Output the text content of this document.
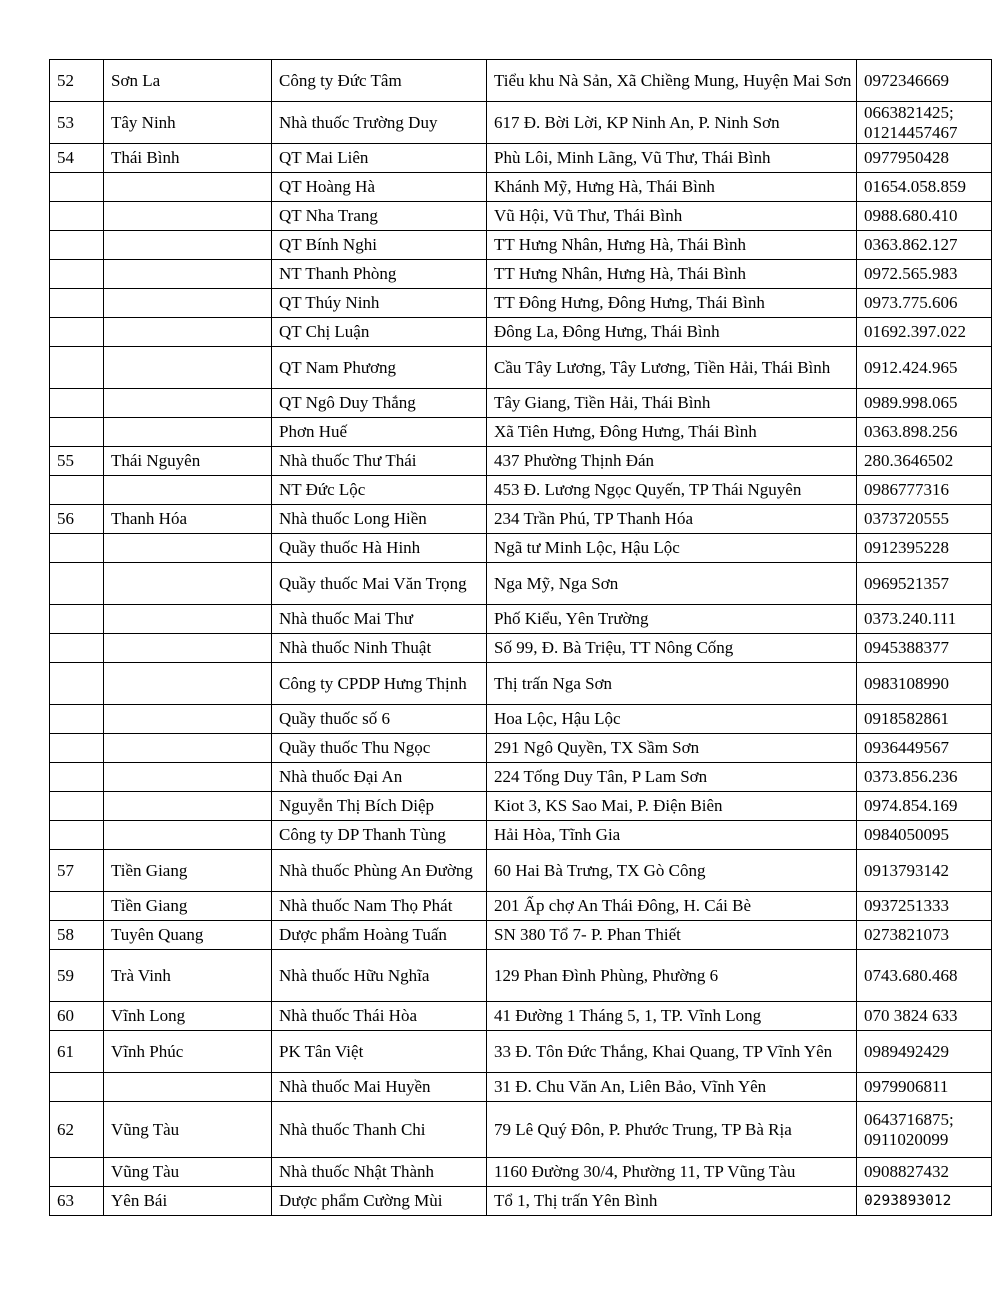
52	Sơn La	Công ty Đức Tâm	Tiểu khu Nà Sản, Xã Chiềng Mung, Huyện Mai Sơn	0972346669
53	Tây Ninh	Nhà thuốc Trường Duy	617 Đ. Bời Lời, KP Ninh An, P. Ninh Sơn	0663821425;
01214457467
54	Thái Bình	QT Mai Liên	Phù Lôi, Minh Lãng, Vũ Thư, Thái Bình	0977950428
		QT Hoàng Hà	Khánh Mỹ, Hưng Hà, Thái Bình	01654.058.859
		QT Nha Trang	Vũ Hội, Vũ Thư, Thái Bình	0988.680.410
		QT Bính Nghi	TT Hưng Nhân, Hưng Hà, Thái Bình	0363.862.127
		NT Thanh Phòng	TT Hưng Nhân, Hưng Hà, Thái Bình	0972.565.983
		QT Thúy Ninh	TT Đông Hưng, Đông Hưng, Thái Bình	0973.775.606
		QT Chị Luận	Đông La, Đông Hưng, Thái Bình	01692.397.022
		QT Nam Phương	Cầu Tây Lương, Tây Lương, Tiền Hải, Thái Bình	0912.424.965
		QT Ngô Duy Thắng	Tây Giang, Tiền Hải, Thái Bình	0989.998.065
		Phơn Huế	Xã Tiên Hưng, Đông Hưng, Thái Bình	0363.898.256
55	Thái Nguyên	Nhà thuốc Thư Thái	437 Phường Thịnh Đán	280.3646502
		NT Đức Lộc	453 Đ. Lương Ngọc Quyến, TP Thái Nguyên	0986777316
56	Thanh Hóa	Nhà thuốc Long Hiền	234 Trần Phú, TP Thanh Hóa	0373720555
		Quầy thuốc Hà Hinh	Ngã tư Minh Lộc, Hậu Lộc	0912395228
		Quầy thuốc Mai Văn Trọng	Nga Mỹ, Nga Sơn	0969521357
		Nhà thuốc Mai Thư	Phố Kiểu, Yên Trường	0373.240.111
		Nhà thuốc Ninh Thuật	Số 99, Đ. Bà Triệu, TT Nông Cống	0945388377
		Công ty CPDP Hưng Thịnh	Thị trấn Nga Sơn	0983108990
		Quầy thuốc số 6	Hoa Lộc, Hậu Lộc	0918582861
		Quầy thuốc Thu Ngọc	291 Ngô Quyền, TX Sầm Sơn	0936449567
		Nhà thuốc Đại An	224 Tống Duy Tân, P Lam Sơn	0373.856.236
		Nguyễn Thị Bích Diệp	Kiot 3, KS Sao Mai, P. Điện Biên	0974.854.169
		Công ty DP Thanh Tùng	Hải Hòa, Tĩnh Gia	0984050095
57	Tiền Giang	Nhà thuốc Phùng An Đường	60 Hai Bà Trưng, TX Gò Công	0913793142
	Tiền Giang	Nhà thuốc Nam Thọ Phát	201 Ấp chợ An Thái Đông, H. Cái Bè	0937251333
58	Tuyên Quang	Dược phẩm Hoàng Tuấn	SN 380 Tổ 7- P. Phan Thiết	0273821073
59	Trà Vinh	Nhà thuốc Hữu Nghĩa	129 Phan Đình Phùng, Phường 6	0743.680.468
60	Vĩnh Long	Nhà thuốc Thái Hòa	41 Đường 1 Tháng 5, 1, TP. Vĩnh Long	070 3824 633
61	Vĩnh Phúc	PK Tân Việt	33 Đ. Tôn Đức Thắng, Khai Quang, TP Vĩnh Yên	0989492429
		Nhà thuốc Mai Huyền	31 Đ. Chu Văn An, Liên Bảo, Vĩnh Yên	0979906811
62	Vũng Tàu	Nhà thuốc Thanh Chi	79 Lê Quý Đôn, P. Phước Trung, TP Bà Rịa	0643716875;
0911020099
	Vũng Tàu	Nhà thuốc Nhật Thành	1160 Đường 30/4, Phường 11, TP Vũng Tàu	0908827432
63	Yên Bái	Dược phẩm Cường Mùi	Tổ 1, Thị trấn Yên Bình	0293893012
